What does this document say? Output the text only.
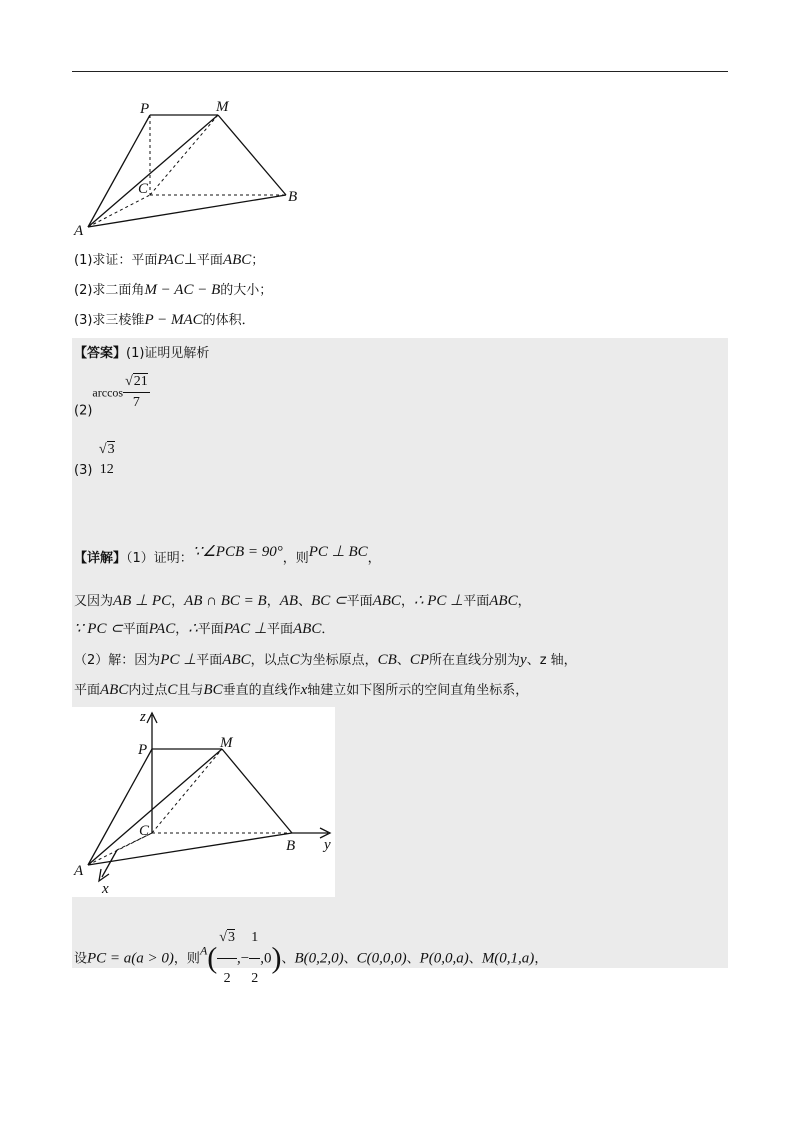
P	M
C	B
A
(1)求证：平面PAC⊥平面ABC；
(2)求二面角M − AC − B的大小；
(3)求三棱锥P − MAC的体积．
【答案】(1)证明见解析
$(2)\arccos \frac{√21}{7}$
(3)
√3
12
【详解】（1）证明：∵∠PCB = 90°，则PC ⊥ BC，
又因为AB ⊥ PC，AB ∩ BC = B，AB、BC ⊂平面ABC，∴ PC ⊥平面ABC，
∵ PC ⊂平面PAC，∴平面PAC ⊥平面ABC．
（2）解：因为PC ⊥平面ABC，以点C为坐标原点，CB、CP所在直线分别为y、z 轴，
平面ABC内过点C且与BC垂直的直线作x轴建立如下图所示的空间直角坐标系，
z
P	M
C
B y
A
x
设PC = a(a > 0)，则$A( \frac{√3}{2}$ ,− $\frac{1}{2} ,0$)、B(0,2,0)、C(0,0,0)、P(0,0,a)、M(0,1,a)，
